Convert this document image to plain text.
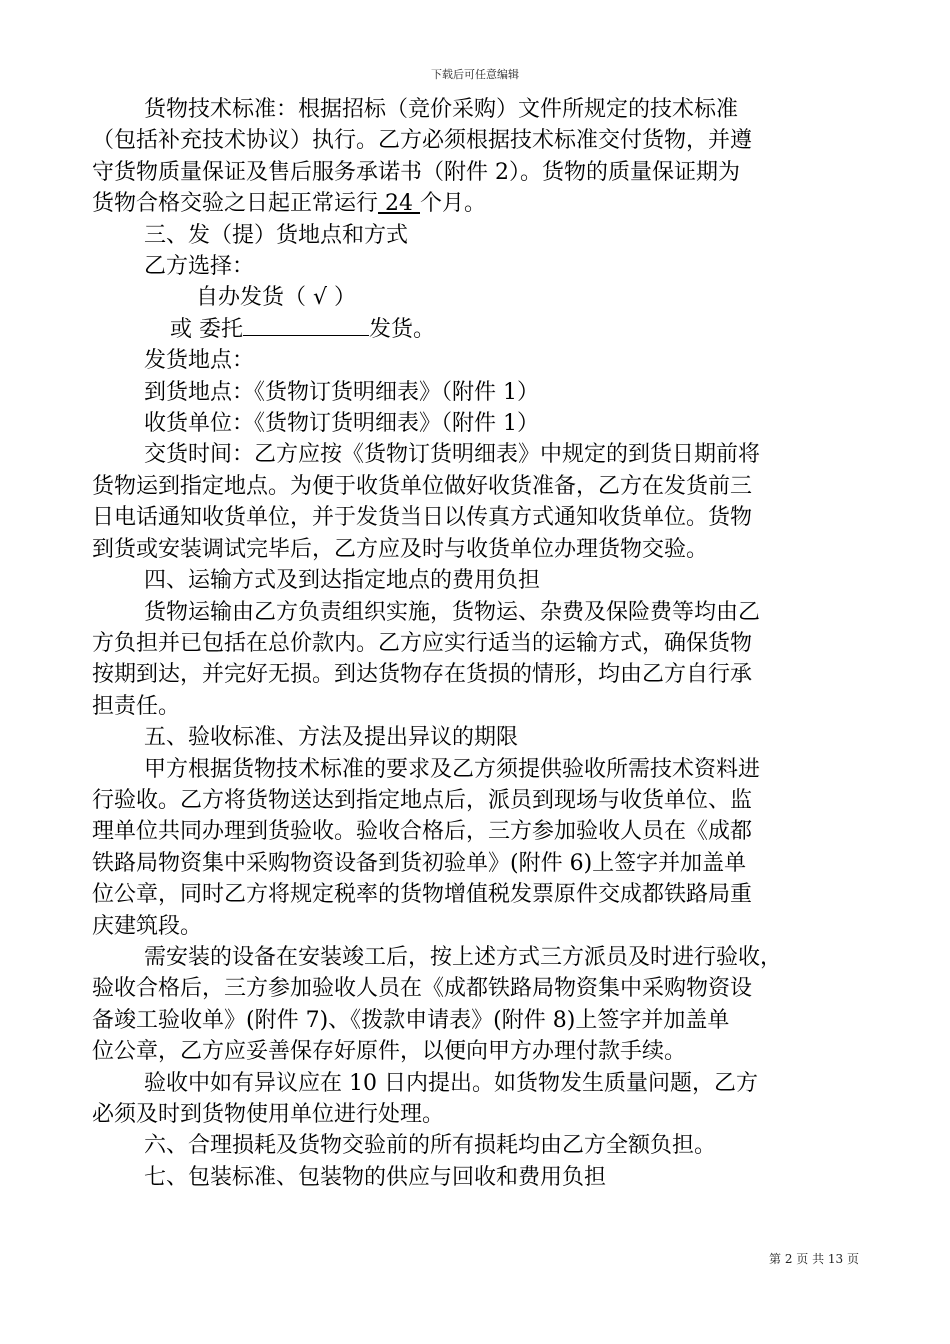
下载后可任意编辑

货物技术标准：根据招标（竞价采购）文件所规定的技术标准

（包括补充技术协议）执行。乙方必须根据技术标准交付货物，并遵

守货物质量保证及售后服务承诺书（附件 2）。货物的质量保证期为

货物合格交验之日起正常运行 24 个月。

三、发（提）货地点和方式

乙方选择：

自办发货（ √ ）

或 委托	发货。

发货地点：

到货地点：《货物订货明细表》（附件 1）

收货单位：《货物订货明细表》（附件 1）

交货时间：乙方应按《货物订货明细表》中规定的到货日期前将

货物运到指定地点。为便于收货单位做好收货准备，乙方在发货前三

日电话通知收货单位，并于发货当日以传真方式通知收货单位。货物

到货或安装调试完毕后，乙方应及时与收货单位办理货物交验。

四、运输方式及到达指定地点的费用负担

货物运输由乙方负责组织实施，货物运、杂费及保险费等均由乙

方负担并已包括在总价款内。乙方应实行适当的运输方式，确保货物

按期到达，并完好无损。到达货物存在货损的情形，均由乙方自行承

担责任。

五、验收标准、方法及提出异议的期限

甲方根据货物技术标准的要求及乙方须提供验收所需技术资料进

行验收。乙方将货物送达到指定地点后，派员到现场与收货单位、监

理单位共同办理到货验收。验收合格后，三方参加验收人员在《成都

铁路局物资集中采购物资设备到货初验单》(附件 6)上签字并加盖单

位公章，同时乙方将规定税率的货物增值税发票原件交成都铁路局重

庆建筑段。

需安装的设备在安装竣工后，按上述方式三方派员及时进行验收，

验收合格后，三方参加验收人员在《成都铁路局物资集中采购物资设

备竣工验收单》(附件 7)、《拨款申请表》(附件 8)上签字并加盖单

位公章，乙方应妥善保存好原件，以便向甲方办理付款手续。

验收中如有异议应在 10 日内提出。如货物发生质量问题，乙方

必须及时到货物使用单位进行处理。

六、合理损耗及货物交验前的所有损耗均由乙方全额负担。

七、包装标准、包装物的供应与回收和费用负担

第 2 页 共 13 页
